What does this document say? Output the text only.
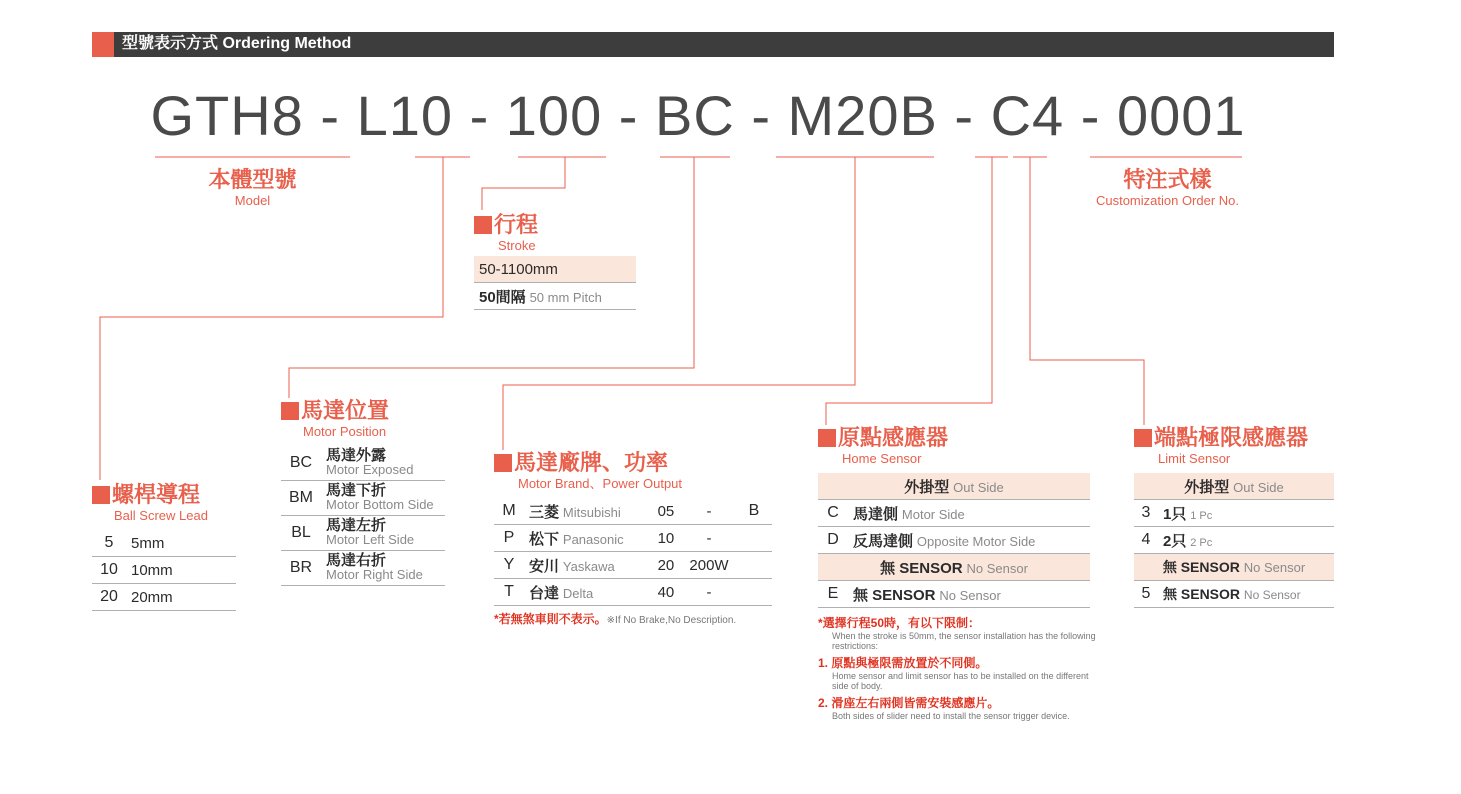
型號表示方式 Ordering Method
GTH8 - L10 - 100 - BC - M20B - C4 - 0001
本體型號
Model
特注式樣
Customization Order No.
行程
Stroke
50-1100mm
50間隔 50 mm Pitch
螺桿導程
Ball Screw Lead
5	5mm
10	10mm
20	20mm
馬達位置
Motor Position
BC	馬達外露
Motor Exposed

BM	馬達下折
Motor Bottom Side

BL	馬達左折
Motor Left Side

BR	馬達右折
Motor Right Side
馬達廠牌、功率
Motor Brand、Power Output
M	三菱 Mitsubishi	05	-	B
P	松下 Panasonic	10	-	
Y	安川 Yaskawa	20	200W	
T	台達 Delta	40	-	
*若無煞車則不表示。※If No Brake,No Description.
原點感應器
Home Sensor
外掛型 Out Side	
C	馬達側 Motor Side
D	反馬達側 Opposite Motor Side
無 SENSOR No Sensor	
E	無 SENSOR No Sensor
*選擇行程50時，有以下限制：
When the stroke is 50mm, the sensor installation has the following restrictions:
1. 原點與極限需放置於不同側。
Home sensor and limit sensor has to be installed on the different side of body.
2. 滑座左右兩側皆需安裝感應片。
Both sides of slider need to install the sensor trigger device.
端點極限感應器
Limit Sensor
外掛型 Out Side	
3	1只 1 Pc
4	2只 2 Pc
無 SENSOR No Sensor	
5	無 SENSOR No Sensor
